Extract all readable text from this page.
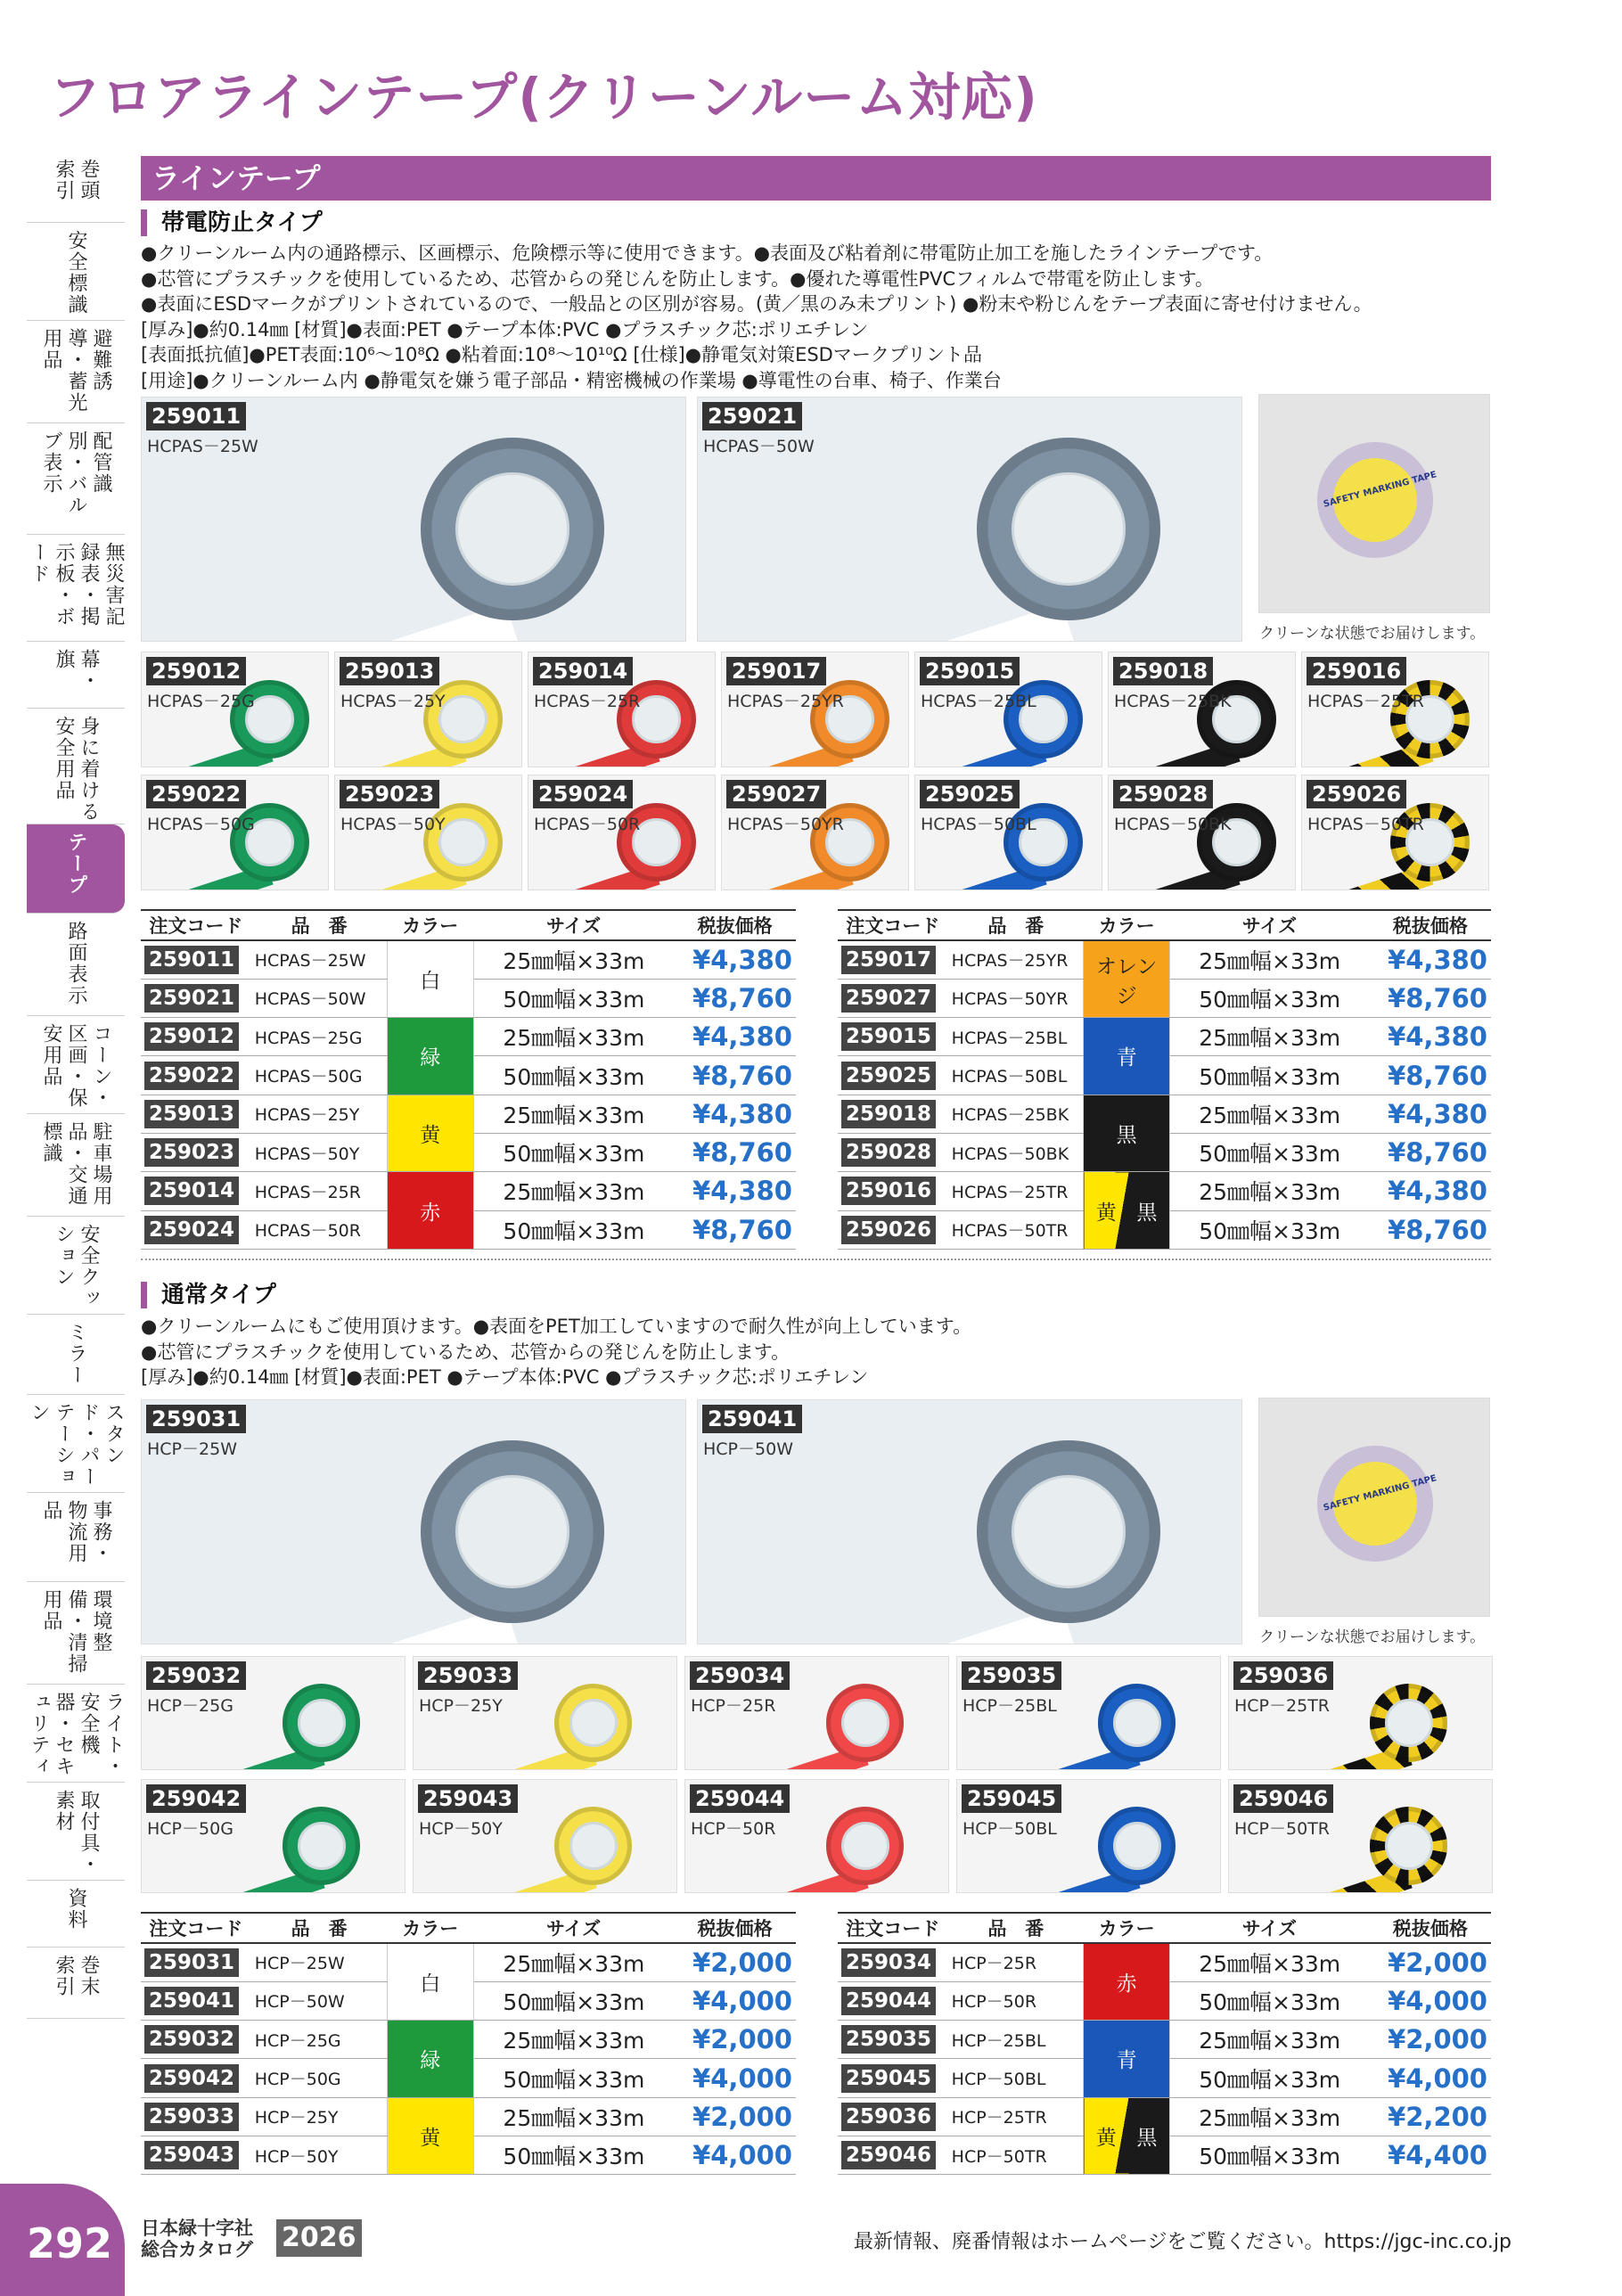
フロアラインテープ(クリーンルーム対応)
巻頭索引
安全標識
避難誘導・蓄光用品
配管識別・バルブ表示
無災害記録表・掲示板・ボード
幕・旗
身に着ける安全用品
テープ
路面表示
コーン・区画・保安用品
駐車場用品・交通標識
安全クッション
ミラー
スタンド・パーテーション
事務・物流用品
環境整備・清掃用品
ライト・安全機器・セキュリティ
取付具・素材
資料
巻末索引
292
ラインテープ
帯電防止タイプ
●クリーンルーム内の通路標示、区画標示、危険標示等に使用できます。●表面及び粘着剤に帯電防止加工を施したラインテープです。
●芯管にプラスチックを使用しているため、芯管からの発じんを防止します。●優れた導電性PVCフィルムで帯電を防止します。
●表面にESDマークがプリントされているので、一般品との区別が容易。(黄／黒のみ未プリント) ●粉末や粉じんをテープ表面に寄せ付けません。
[厚み]●約0.14㎜ [材質]●表面:PET ●テープ本体:PVC ●プラスチック芯:ポリエチレン
[表面抵抗値]●PET表面:10⁶～10⁸Ω ●粘着面:10⁸～10¹⁰Ω [仕様]●静電気対策ESDマークプリント品
[用途]●クリーンルーム内 ●静電気を嫌う電子部品・精密機械の作業場 ●導電性の台車、椅子、作業台
259011
HCPAS－25W
259021
HCPAS－50W
SAFETY MARKING TAPE
クリーンな状態でお届けします。
259012
HCPAS－25G
259013
HCPAS－25Y
259014
HCPAS－25R
259017
HCPAS－25YR
259015
HCPAS－25BL
259018
HCPAS－25BK
259016
HCPAS－25TR
259022
HCPAS－50G
259023
HCPAS－50Y
259024
HCPAS－50R
259027
HCPAS－50YR
259025
HCPAS－50BL
259028
HCPAS－50BK
259026
HCPAS－50TR
注文コード	品　番	カラー	サイズ	税抜価格
259011	HCPAS－25W	白	25㎜幅×33m	¥4,380
259021	HCPAS－50W		50㎜幅×33m	¥8,760
259012	HCPAS－25G	緑	25㎜幅×33m	¥4,380
259022	HCPAS－50G		50㎜幅×33m	¥8,760
259013	HCPAS－25Y	黄	25㎜幅×33m	¥4,380
259023	HCPAS－50Y		50㎜幅×33m	¥8,760
259014	HCPAS－25R	赤	25㎜幅×33m	¥4,380
259024	HCPAS－50R		50㎜幅×33m	¥8,760
注文コード	品　番	カラー	サイズ	税抜価格
259017	HCPAS－25YR	オレンジ	25㎜幅×33m	¥4,380
259027	HCPAS－50YR		50㎜幅×33m	¥8,760
259015	HCPAS－25BL	青	25㎜幅×33m	¥4,380
259025	HCPAS－50BL		50㎜幅×33m	¥8,760
259018	HCPAS－25BK	黒	25㎜幅×33m	¥4,380
259028	HCPAS－50BK		50㎜幅×33m	¥8,760
259016	HCPAS－25TR	黄 黒	25㎜幅×33m	¥4,380
259026	HCPAS－50TR		50㎜幅×33m	¥8,760
通常タイプ
●クリーンルームにもご使用頂けます。●表面をPET加工していますので耐久性が向上しています。
●芯管にプラスチックを使用しているため、芯管からの発じんを防止します。
[厚み]●約0.14㎜ [材質]●表面:PET ●テープ本体:PVC ●プラスチック芯:ポリエチレン
259031
HCP－25W
259041
HCP－50W
SAFETY MARKING TAPE
クリーンな状態でお届けします。
259032
HCP－25G
259033
HCP－25Y
259034
HCP－25R
259035
HCP－25BL
259036
HCP－25TR
259042
HCP－50G
259043
HCP－50Y
259044
HCP－50R
259045
HCP－50BL
259046
HCP－50TR
注文コード	品　番	カラー	サイズ	税抜価格
259031	HCP－25W	白	25㎜幅×33m	¥2,000
259041	HCP－50W		50㎜幅×33m	¥4,000
259032	HCP－25G	緑	25㎜幅×33m	¥2,000
259042	HCP－50G		50㎜幅×33m	¥4,000
259033	HCP－25Y	黄	25㎜幅×33m	¥2,000
259043	HCP－50Y		50㎜幅×33m	¥4,000
注文コード	品　番	カラー	サイズ	税抜価格
259034	HCP－25R	赤	25㎜幅×33m	¥2,000
259044	HCP－50R		50㎜幅×33m	¥4,000
259035	HCP－25BL	青	25㎜幅×33m	¥2,000
259045	HCP－50BL		50㎜幅×33m	¥4,000
259036	HCP－25TR	黄 黒	25㎜幅×33m	¥2,200
259046	HCP－50TR		50㎜幅×33m	¥4,400
日本緑十字社
総合カタログ 2026	最新情報、廃番情報はホームページをご覧ください。https://jgc-inc.co.jp
